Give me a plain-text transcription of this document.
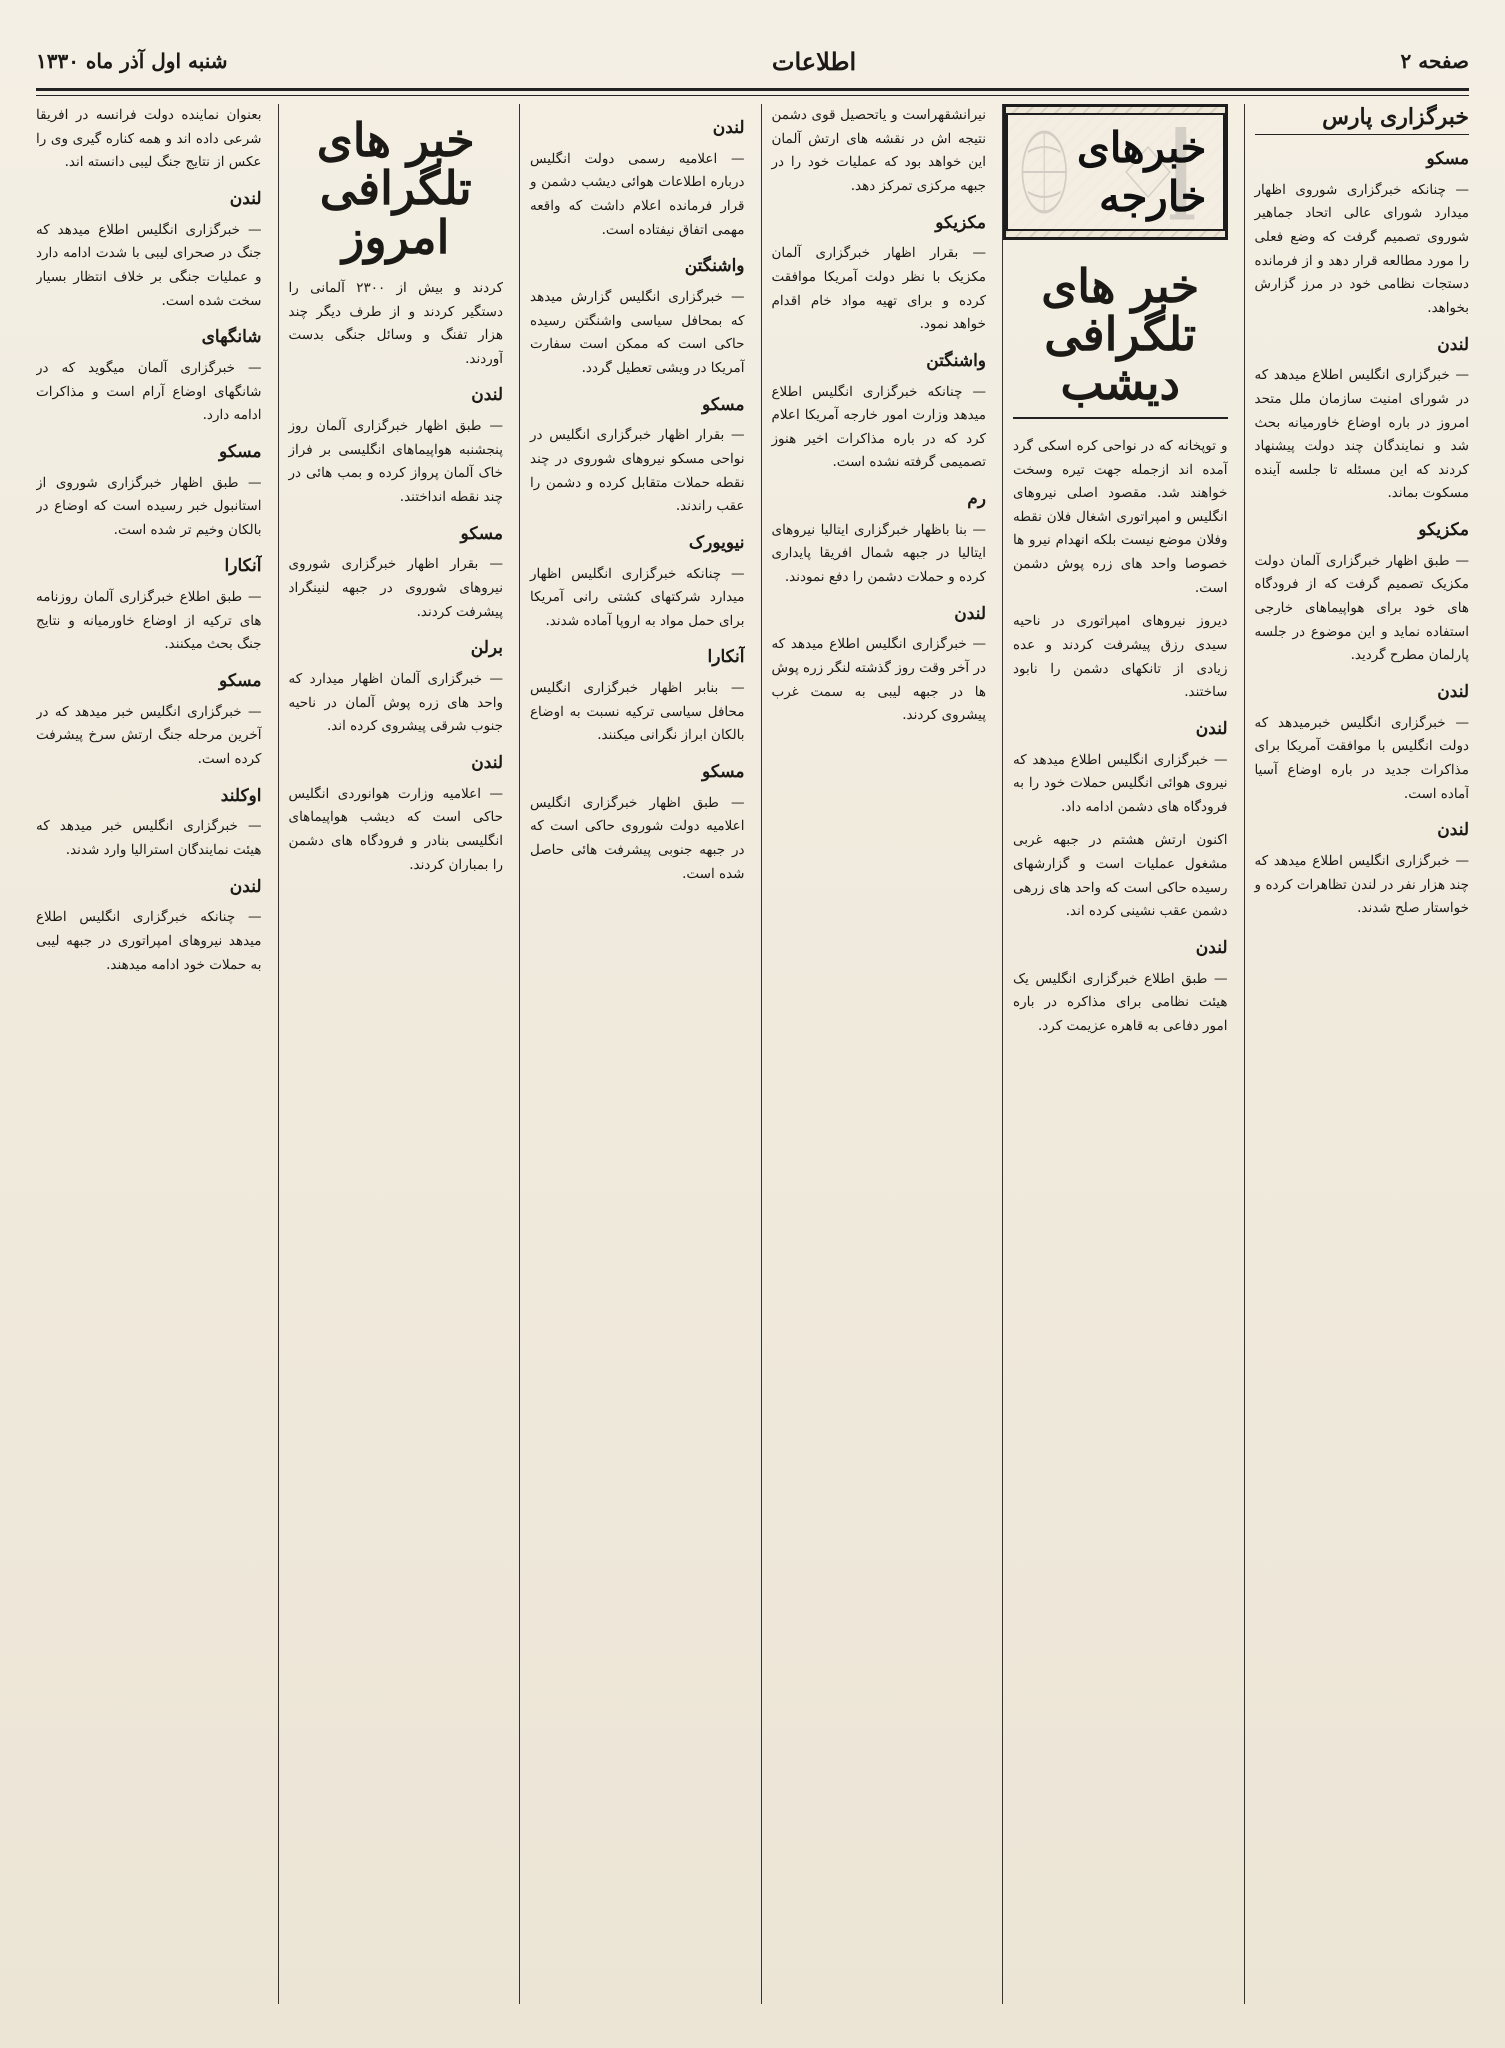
صفحه ۲
اطلاعات
شنبه اول آذر ماه ۱۳۳۰
خبرگزاری پارس
مسکو

— چنانکه خبرگزاری شوروی اظهار میدارد شورای عالی اتحاد جماهیر شوروی تصمیم گرفت که وضع فعلی را مورد مطالعه قرار دهد و از فرمانده دستجات نظامی خود در مرز گزارش بخواهد.

لندن

— خبرگزاری انگلیس اطلاع میدهد که در شورای امنیت سازمان ملل متحد امروز در باره اوضاع خاورمیانه بحث شد و نمایندگان چند دولت پیشنهاد کردند که این مسئله تا جلسه آینده مسکوت بماند.

مکزیکو

— طبق اظهار خبرگزاری آلمان دولت مکزیک تصمیم گرفت که از فرودگاه های خود برای هواپیماهای خارجی استفاده نماید و این موضوع در جلسه پارلمان مطرح گردید.

لندن

— خبرگزاری انگلیس خبرمیدهد که دولت انگلیس با موافقت آمریکا برای مذاکرات جدید در باره اوضاع آسیا آماده است.

لندن

— خبرگزاری انگلیس اطلاع میدهد که چند هزار نفر در لندن تظاهرات کرده و خواستار صلح شدند.

خبرهای خارجه
خبر های تلگرافی دیشب

و توپخانه که در نواحی کره اسکی گرد آمده اند ازجمله جهت تیره وسخت خواهند شد. مقصود اصلی نیروهای انگلیس و امپراتوری اشغال فلان نقطه وفلان موضع نیست بلکه انهدام نیرو ها خصوصا واحد های زره پوش دشمن است.

دیروز نیروهای امپراتوری در ناحیه سیدی رزق پیشرفت کردند و عده زیادی از تانکهای دشمن را نابود ساختند.

لندن

— خبرگزاری انگلیس اطلاع میدهد که نیروی هوائی انگلیس حملات خود را به فرودگاه های دشمن ادامه داد.

اکنون ارتش هشتم در جبهه غربی مشغول عملیات است و گزارشهای رسیده حاکی است که واحد های زرهی دشمن عقب نشینی کرده اند.

لندن

— طبق اطلاع خبرگزاری انگلیس یک هیئت نظامی برای مذاکره در باره امور دفاعی به قاهره عزیمت کرد.

نیرانشقهراست و یاتحصیل قوی دشمن نتیجه اش در نقشه های ارتش آلمان این خواهد بود که عملیات خود را در جبهه مرکزی تمرکز دهد.

مکزیکو

— بقرار اظهار خبرگزاری آلمان مکزیک با نظر دولت آمریکا موافقت کرده و برای تهیه مواد خام اقدام خواهد نمود.

واشنگتن

— چنانکه خبرگزاری انگلیس اطلاع میدهد وزارت امور خارجه آمریکا اعلام کرد که در باره مذاکرات اخیر هنوز تصمیمی گرفته نشده است.

رم

— بنا باظهار خبرگزاری ایتالیا نیروهای ایتالیا در جبهه شمال افریقا پایداری کرده و حملات دشمن را دفع نمودند.

لندن

— خبرگزاری انگلیس اطلاع میدهد که در آخر وقت روز گذشته لنگر زره پوش ها در جبهه لیبی به سمت غرب پیشروی کردند.

لندن

— اعلامیه رسمی دولت انگلیس درباره اطلاعات هوائی دیشب دشمن و قرار فرمانده اعلام داشت که واقعه مهمی اتفاق نیفتاده است.

واشنگتن

— خبرگزاری انگلیس گزارش میدهد که بمحافل سیاسی واشنگتن رسیده حاکی است که ممکن است سفارت آمریکا در ویشی تعطیل گردد.

مسکو

— بقرار اظهار خبرگزاری انگلیس در نواحی مسکو نیروهای شوروی در چند نقطه حملات متقابل کرده و دشمن را عقب راندند.

نیویورک

— چنانکه خبرگزاری انگلیس اظهار میدارد شرکتهای کشتی رانی آمریکا برای حمل مواد به اروپا آماده شدند.

آنکارا

— بنابر اظهار خبرگزاری انگلیس محافل سیاسی ترکیه نسبت به اوضاع بالکان ابراز نگرانی میکنند.

مسکو

— طبق اظهار خبرگزاری انگلیس اعلامیه دولت شوروی حاکی است که در جبهه جنوبی پیشرفت هائی حاصل شده است.

خبر های تلگرافی امروز

کردند و بیش از ۲۳۰۰ آلمانی را دستگیر کردند و از طرف دیگر چند هزار تفنگ و وسائل جنگی بدست آوردند.

لندن

— طبق اظهار خبرگزاری آلمان روز پنجشنبه هواپیماهای انگلیسی بر فراز خاک آلمان پرواز کرده و بمب هائی در چند نقطه انداختند.

مسکو

— بقرار اظهار خبرگزاری شوروی نیروهای شوروی در جبهه لنینگراد پیشرفت کردند.

برلن

— خبرگزاری آلمان اظهار میدارد که واحد های زره پوش آلمان در ناحیه جنوب شرقی پیشروی کرده اند.

لندن

— اعلامیه وزارت هوانوردی انگلیس حاکی است که دیشب هواپیماهای انگلیسی بنادر و فرودگاه های دشمن را بمباران کردند.

بعنوان نماینده دولت فرانسه در افریقا شرعی داده اند و همه کناره گیری وی را عکس از نتایج جنگ لیبی دانسته اند.

لندن

— خبرگزاری انگلیس اطلاع میدهد که جنگ در صحرای لیبی با شدت ادامه دارد و عملیات جنگی بر خلاف انتظار بسیار سخت شده است.

شانگهای

— خبرگزاری آلمان میگوید که در شانگهای اوضاع آرام است و مذاکرات ادامه دارد.

مسکو

— طبق اظهار خبرگزاری شوروی از استانبول خبر رسیده است که اوضاع در بالکان وخیم تر شده است.

آنکارا

— طبق اطلاع خبرگزاری آلمان روزنامه های ترکیه از اوضاع خاورمیانه و نتایج جنگ بحث میکنند.

مسکو

— خبرگزاری انگلیس خبر میدهد که در آخرین مرحله جنگ ارتش سرخ پیشرفت کرده است.

اوکلند

— خبرگزاری انگلیس خبر میدهد که هیئت نمایندگان استرالیا وارد شدند.

لندن

— چنانکه خبرگزاری انگلیس اطلاع میدهد نیروهای امپراتوری در جبهه لیبی به حملات خود ادامه میدهند.
